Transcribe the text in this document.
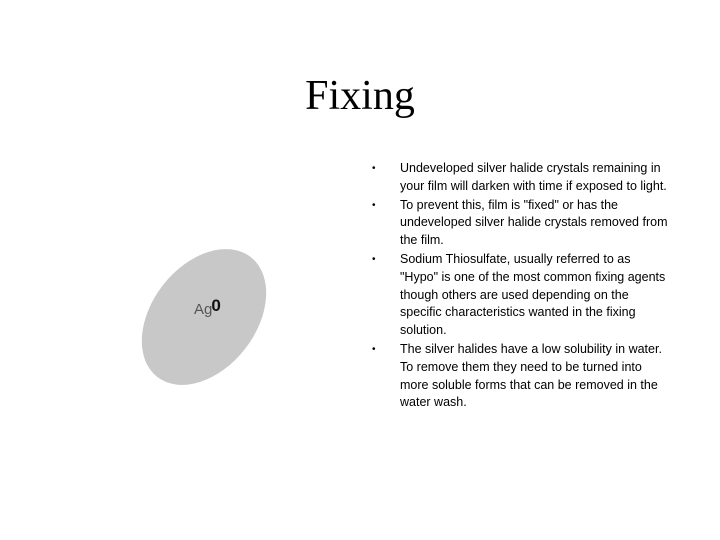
Fixing
Ag$^0$
• Undeveloped silver halide crystals remaining in your film will darken with time if exposed to light.
• To prevent this, film is "fixed" or has the undeveloped silver halide crystals removed from the film.
• Sodium Thiosulfate, usually referred to as "Hypo" is one of the most common fixing agents though others are used depending on the specific characteristics wanted in the fixing solution.
• The silver halides have a low solubility in water. To remove them they need to be turned into more soluble forms that can be removed in the water wash.
